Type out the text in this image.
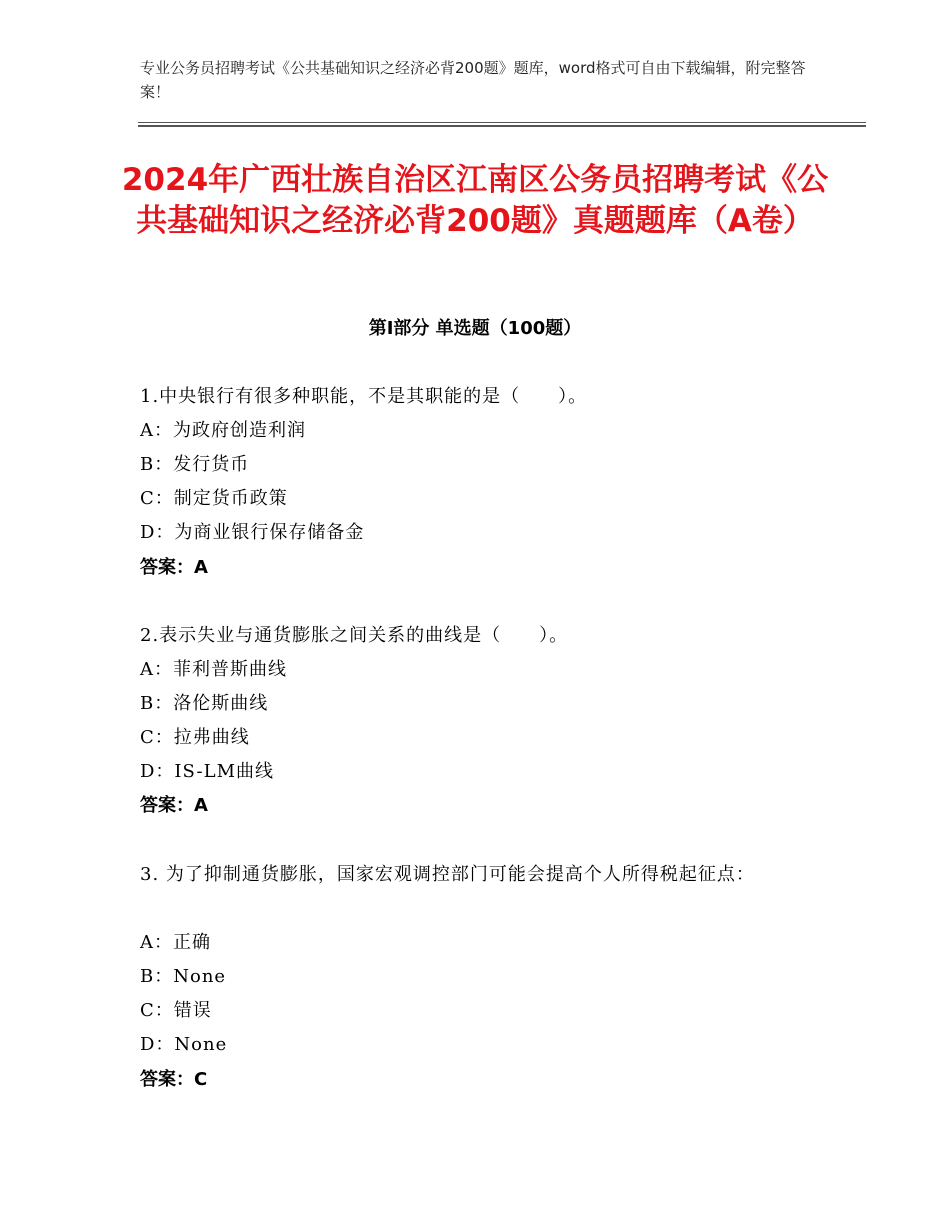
专业公务员招聘考试《公共基础知识之经济必背200题》题库，word格式可自由下载编辑，附完整答案！
2024年广西壮族自治区江南区公务员招聘考试《公共基础知识之经济必背200题》真题题库（A卷）
第Ⅰ部分 单选题（100题）
1.中央银行有很多种职能，不是其职能的是（　　）。
A：为政府创造利润
B：发行货币
C：制定货币政策
D：为商业银行保存储备金
答案：A
2.表示失业与通货膨胀之间关系的曲线是（　　）。
A：菲利普斯曲线
B：洛伦斯曲线
C：拉弗曲线
D：IS-LM曲线
答案：A
3. 为了抑制通货膨胀，国家宏观调控部门可能会提高个人所得税起征点：
A：正确
B：None
C：错误
D：None
答案：C
